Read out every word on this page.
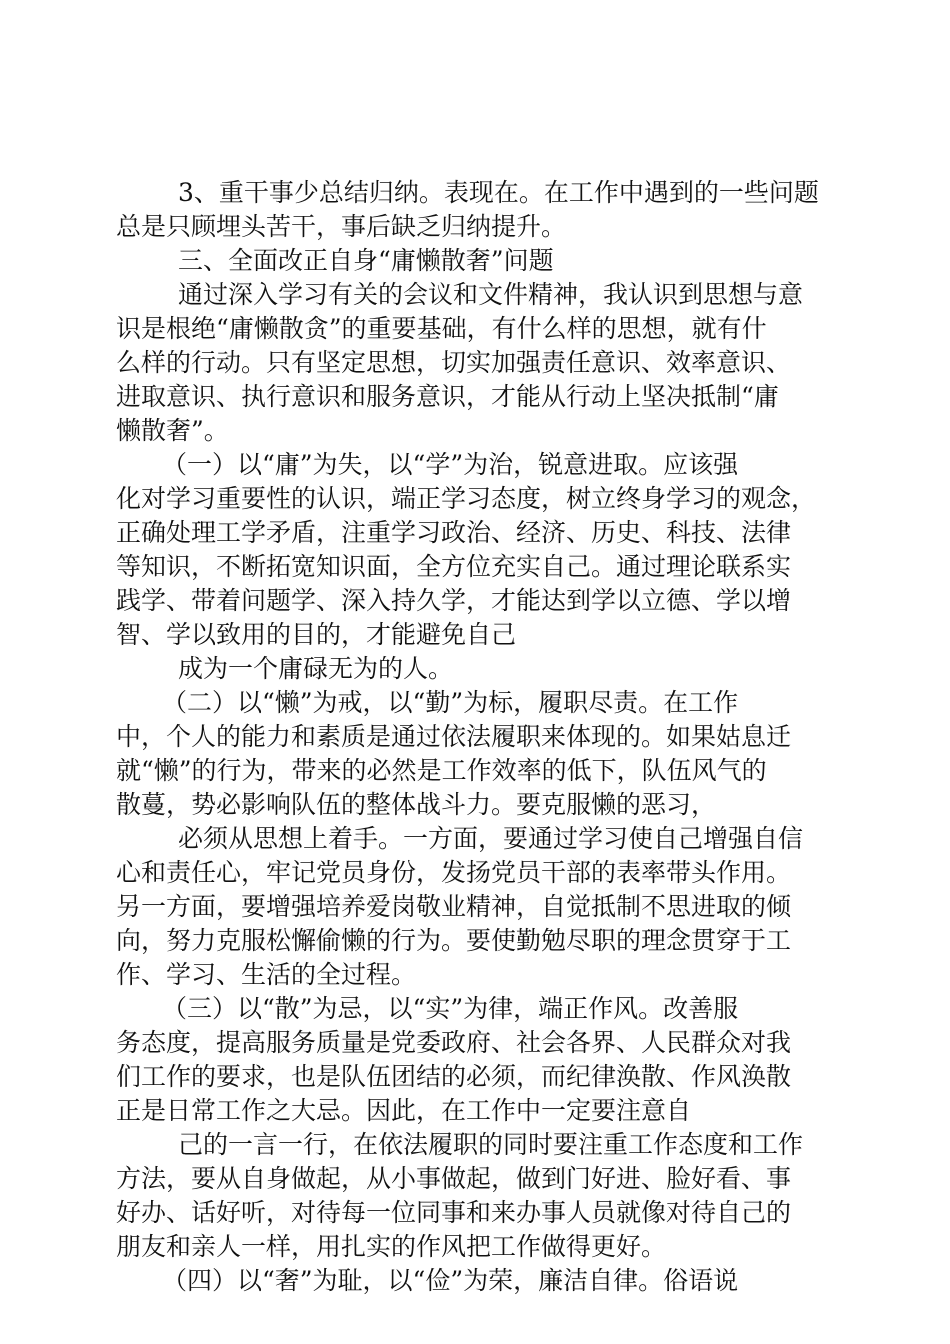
3、重干事少总结归纳。表现在。在工作中遇到的一些问题
总是只顾埋头苦干，事后缺乏归纳提升。
三、全面改正自身“庸懒散奢”问题
通过深入学习有关的会议和文件精神，我认识到思想与意
识是根绝“庸懒散贪”的重要基础，有什么样的思想，就有什
么样的行动。只有坚定思想，切实加强责任意识、效率意识、
进取意识、执行意识和服务意识，才能从行动上坚决抵制“庸
懒散奢”。
（一）以“庸”为失，以“学”为治，锐意进取。应该强
化对学习重要性的认识，端正学习态度，树立终身学习的观念，
正确处理工学矛盾，注重学习政治、经济、历史、科技、法律
等知识，不断拓宽知识面，全方位充实自己。通过理论联系实
践学、带着问题学、深入持久学，才能达到学以立德、学以增
智、学以致用的目的，才能避免自己
成为一个庸碌无为的人。
（二）以“懒”为戒，以“勤”为标，履职尽责。在工作
中，个人的能力和素质是通过依法履职来体现的。如果姑息迁
就“懒”的行为，带来的必然是工作效率的低下，队伍风气的
散蔓，势必影响队伍的整体战斗力。要克服懒的恶习，
必须从思想上着手。一方面，要通过学习使自己增强自信
心和责任心，牢记党员身份，发扬党员干部的表率带头作用。
另一方面，要增强培养爱岗敬业精神，自觉抵制不思进取的倾
向，努力克服松懈偷懒的行为。要使勤勉尽职的理念贯穿于工
作、学习、生活的全过程。
（三）以“散”为忌，以“实”为律，端正作风。改善服
务态度，提高服务质量是党委政府、社会各界、人民群众对我
们工作的要求，也是队伍团结的必须，而纪律涣散、作风涣散
正是日常工作之大忌。因此，在工作中一定要注意自
己的一言一行，在依法履职的同时要注重工作态度和工作
方法，要从自身做起，从小事做起，做到门好进、脸好看、事
好办、话好听，对待每一位同事和来办事人员就像对待自己的
朋友和亲人一样，用扎实的作风把工作做得更好。
（四）以“奢”为耻，以“俭”为荣，廉洁自律。俗语说
